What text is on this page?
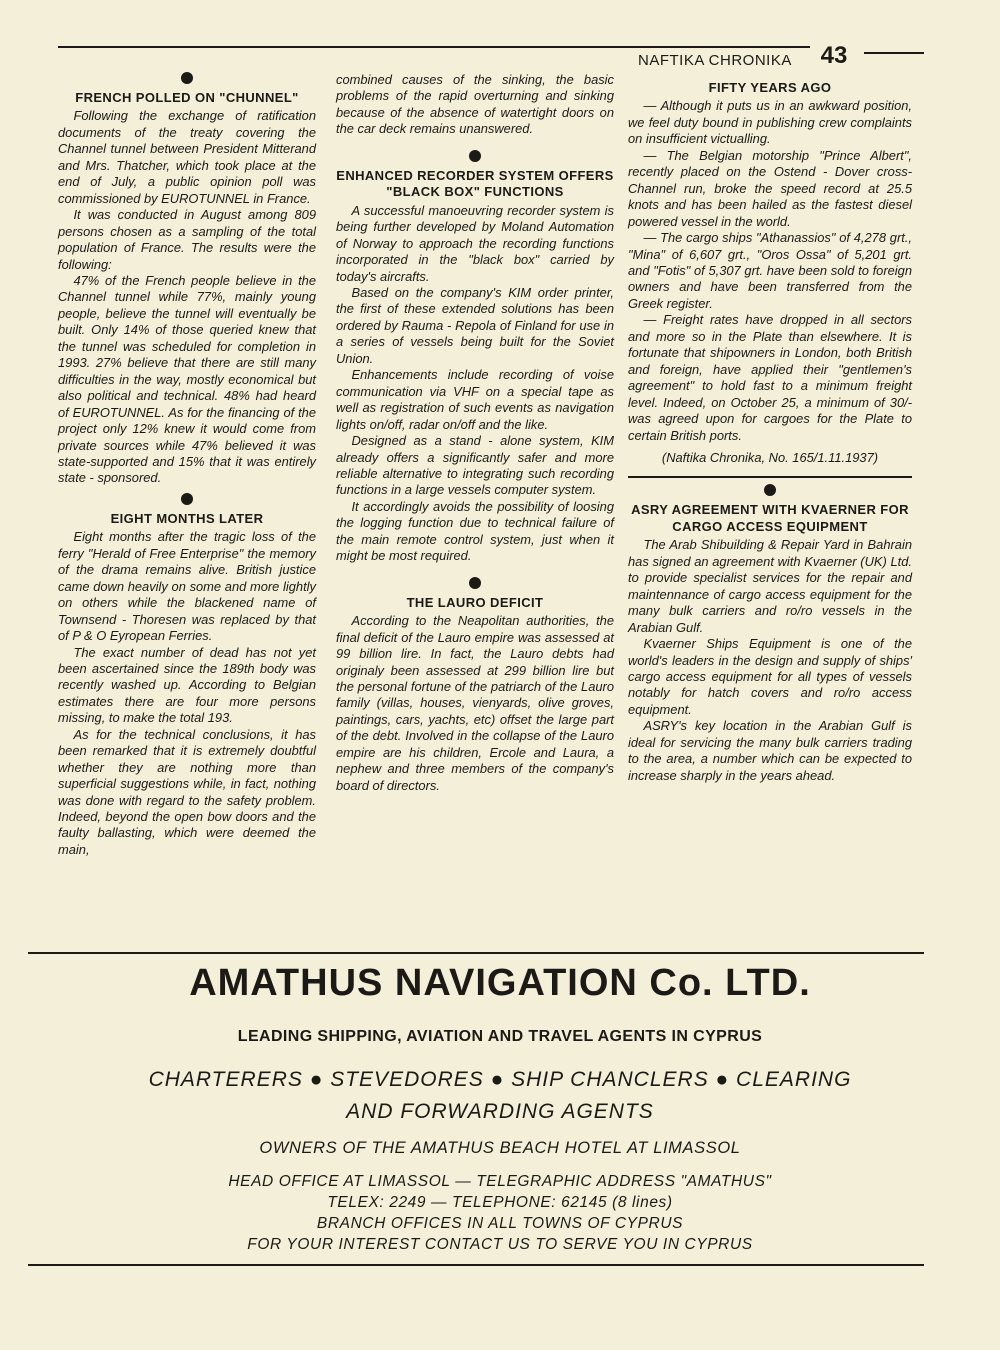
NAFTIKA CHRONIKA	43
FRENCH POLLED ON "CHUNNEL"

Following the exchange of ratification documents of the treaty covering the Channel tunnel between President Mitterand and Mrs. Thatcher, which took place at the end of July, a public opinion poll was commissioned by EUROTUNNEL in France.

It was conducted in August among 809 persons chosen as a sampling of the total population of France. The results were the following:

47% of the French people believe in the Channel tunnel while 77%, mainly young people, believe the tunnel will eventually be built. Only 14% of those queried knew that the tunnel was scheduled for completion in 1993. 27% believe that there are still many difficulties in the way, mostly economical but also political and technical. 48% had heard of EUROTUNNEL. As for the financing of the project only 12% knew it would come from private sources while 47% believed it was state-supported and 15% that it was entirely state - sponsored.

EIGHT MONTHS LATER

Eight months after the tragic loss of the ferry "Herald of Free Enterprise" the memory of the drama remains alive. British justice came down heavily on some and more lightly on others while the blackened name of Townsend - Thoresen was replaced by that of P & O Eyropean Ferries.

The exact number of dead has not yet been ascertained since the 189th body was recently washed up. According to Belgian estimates there are four more persons missing, to make the total 193.

As for the technical conclusions, it has been remarked that it is extremely doubtful whether they are nothing more than superficial suggestions while, in fact, nothing was done with regard to the safety problem. Indeed, beyond the open bow doors and the faulty ballasting, which were deemed the main,

combined causes of the sinking, the basic problems of the rapid overturning and sinking because of the absence of watertight doors on the car deck remains unanswered.

ENHANCED RECORDER SYSTEM OFFERS "BLACK BOX" FUNCTIONS

A successful manoeuvring recorder system is being further developed by Moland Automation of Norway to approach the recording functions incorporated in the "black box" carried by today's aircrafts.

Based on the company's KIM order printer, the first of these extended solutions has been ordered by Rauma - Repola of Finland for use in a series of vessels being built for the Soviet Union.

Enhancements include recording of voise communication via VHF on a special tape as well as registration of such events as navigation lights on/off, radar on/off and the like.

Designed as a stand - alone system, KIM already offers a significantly safer and more reliable alternative to integrating such recording functions in a large vessels computer system.

It accordingly avoids the possibility of loosing the logging function due to technical failure of the main remote control system, just when it might be most required.

THE LAURO DEFICIT

According to the Neapolitan authorities, the final deficit of the Lauro empire was assessed at 99 billion lire. In fact, the Lauro debts had originaly been assessed at 299 billion lire but the personal fortune of the patriarch of the Lauro family (villas, houses, vienyards, olive groves, paintings, cars, yachts, etc) offset the large part of the debt. Involved in the collapse of the Lauro empire are his children, Ercole and Laura, a nephew and three members of the company's board of directors.

FIFTY YEARS AGO

— Although it puts us in an awkward position, we feel duty bound in publishing crew complaints on insufficient victualling.

— The Belgian motorship "Prince Albert", recently placed on the Ostend - Dover cross- Channel run, broke the speed record at 25.5 knots and has been hailed as the fastest diesel powered vessel in the world.

— The cargo ships "Athanassios" of 4,278 grt., "Mina" of 6,607 grt., "Oros Ossa" of 5,201 grt. and "Fotis" of 5,307 grt. have been sold to foreign owners and have been transferred from the Greek register.

— Freight rates have dropped in all sectors and more so in the Plate than elsewhere. It is fortunate that shipowners in London, both British and foreign, have applied their "gentlemen's agreement" to hold fast to a minimum freight level. Indeed, on October 25, a minimum of 30/- was agreed upon for cargoes for the Plate to certain British ports.

(Naftika Chronika, No. 165/1.11.1937)
ASRY AGREEMENT WITH KVAERNER FOR CARGO ACCESS EQUIPMENT

The Arab Shibuilding & Repair Yard in Bahrain has signed an agreement with Kvaerner (UK) Ltd. to provide specialist services for the repair and maintennance of cargo access equipment for the many bulk carriers and ro/ro vessels in the Arabian Gulf.

Kvaerner Ships Equipment is one of the world's leaders in the design and supply of ships' cargo access equipment for all types of vessels notably for hatch covers and ro/ro access equipment.

ASRY's key location in the Arabian Gulf is ideal for servicing the many bulk carriers trading to the area, a number which can be expected to increase sharply in the years ahead.

AMATHUS NAVIGATION Co. LTD.
LEADING SHIPPING, AVIATION AND TRAVEL AGENTS IN CYPRUS
CHARTERERS ● STEVEDORES ● SHIP CHANCLERS ● CLEARING
AND FORWARDING AGENTS
OWNERS OF THE AMATHUS BEACH HOTEL AT LIMASSOL
HEAD OFFICE AT LIMASSOL — TELEGRAPHIC ADDRESS "AMATHUS"
TELEX: 2249 — TELEPHONE: 62145 (8 lines)
BRANCH OFFICES IN ALL TOWNS OF CYPRUS
FOR YOUR INTEREST CONTACT US TO SERVE YOU IN CYPRUS
